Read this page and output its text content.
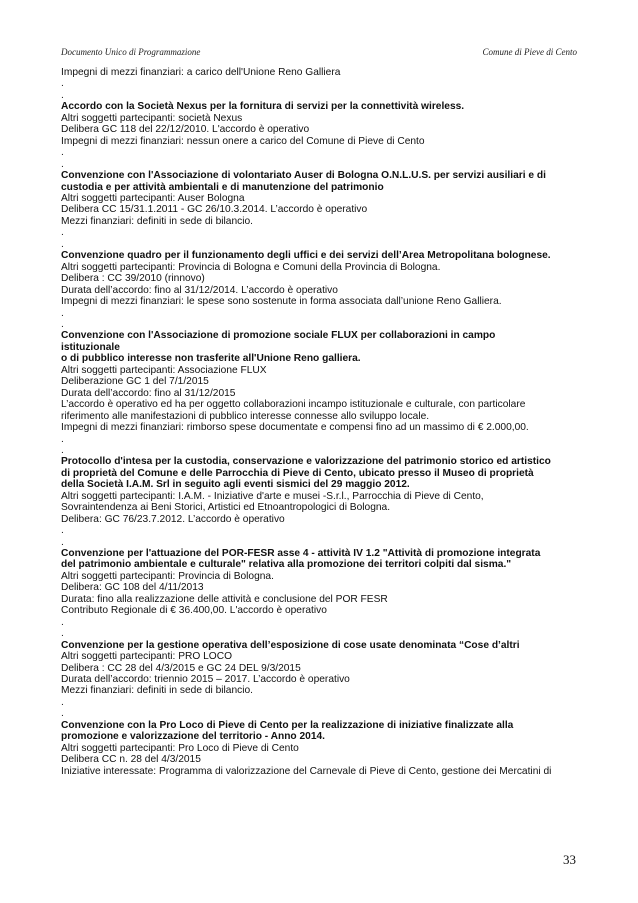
Documento Unico di Programmazione	Comune di Pieve di Cento
Impegni di mezzi finanziari: a carico dell'Unione Reno Galliera
.
.
Accordo con la Società Nexus per la fornitura di servizi per la connettività wireless.
Altri soggetti partecipanti: società Nexus
Delibera GC 118 del 22/12/2010. L'accordo è operativo
Impegni di mezzi finanziari: nessun onere a carico del Comune di Pieve di Cento
.
.
Convenzione con l'Associazione di volontariato Auser di Bologna O.N.L.U.S. per servizi ausiliari e di
custodia e per attività ambientali e di manutenzione del patrimonio
Altri soggetti partecipanti: Auser Bologna
Delibera CC 15/31.1.2011 - GC 26/10.3.2014. L’accordo è operativo
Mezzi finanziari: definiti in sede di bilancio.
.
.
Convenzione quadro per il funzionamento degli uffici e dei servizi dell’Area Metropolitana bolognese.
Altri soggetti partecipanti: Provincia di Bologna e Comuni della Provincia di Bologna.
Delibera : CC 39/2010 (rinnovo)
Durata dell’accordo: fino al 31/12/2014. L’accordo è operativo
Impegni di mezzi finanziari: le spese sono sostenute in forma associata dall’unione Reno Galliera.
.
.
Convenzione con l'Associazione di promozione sociale FLUX per collaborazioni in campo
istituzionale
o di pubblico interesse non trasferite all'Unione Reno galliera.
Altri soggetti partecipanti: Associazione FLUX
Deliberazione GC 1 del 7/1/2015
Durata dell’accordo: fino al 31/12/2015
L’accordo è operativo ed ha per oggetto collaborazioni incampo istituzionale e culturale, con particolare
riferimento alle manifestazioni di pubblico interesse connesse allo sviluppo locale.
Impegni di mezzi finanziari: rimborso spese documentate e compensi fino ad un massimo di € 2.000,00.
.
.
Protocollo d'intesa per la custodia, conservazione e valorizzazione del patrimonio storico ed artistico
di proprietà del Comune e delle Parrocchia di Pieve di Cento, ubicato presso il Museo di proprietà
della Società I.A.M. Srl in seguito agli eventi sismici del 29 maggio 2012.
Altri soggetti partecipanti: I.A.M. - Iniziative d'arte e musei -S.r.l., Parrocchia di Pieve di Cento,
Sovraintendenza ai Beni Storici, Artistici ed Etnoantropologici di Bologna.
Delibera: GC 76/23.7.2012. L’accordo è operativo
.
.
Convenzione per l'attuazione del POR-FESR asse 4 - attività IV 1.2 "Attività di promozione integrata
del patrimonio ambientale e culturale" relativa alla promozione dei territori colpiti dal sisma."
Altri soggetti partecipanti: Provincia di Bologna.
Delibera: GC 108 del 4/11/2013
Durata: fino alla realizzazione delle attività e conclusione del POR FESR
Contributo Regionale di € 36.400,00. L'accordo è operativo
.
.
Convenzione per la gestione operativa dell’esposizione di cose usate denominata “Cose d’altri
Altri soggetti partecipanti: PRO LOCO
Delibera : CC 28 del 4/3/2015 e GC 24 DEL 9/3/2015
Durata dell’accordo: triennio 2015 – 2017. L’accordo è operativo
Mezzi finanziari: definiti in sede di bilancio.
.
.
Convenzione con la Pro Loco di Pieve di Cento per la realizzazione di iniziative finalizzate alla
promozione e valorizzazione del territorio - Anno 2014.
Altri soggetti partecipanti: Pro Loco di Pieve di Cento
Delibera CC n. 28 del 4/3/2015
Iniziative interessate: Programma di valorizzazione del Carnevale di Pieve di Cento, gestione dei Mercatini di
33
